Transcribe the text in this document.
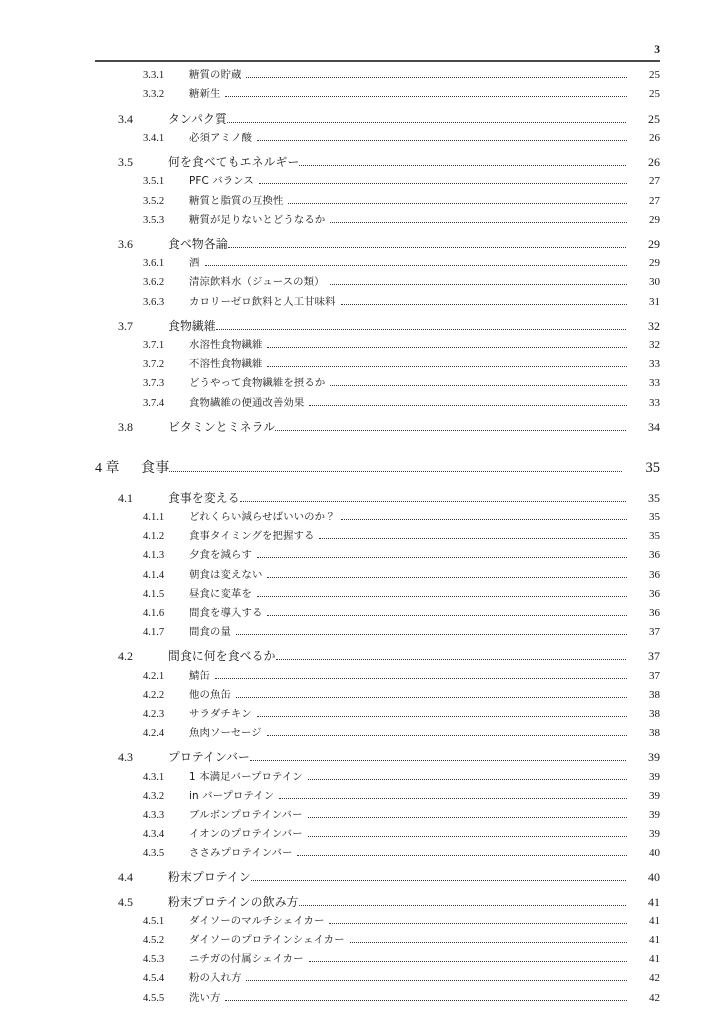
3
3.3.1	糖質の貯蔵	25
3.3.2	糖新生	25
3.4	タンパク質	25
3.4.1	必須アミノ酸	26
3.5	何を食べてもエネルギー	26
3.5.1	PFC バランス	27
3.5.2	糖質と脂質の互換性	27
3.5.3	糖質が足りないとどうなるか	29
3.6	食べ物各論	29
3.6.1	酒	29
3.6.2	清涼飲料水（ジュースの類）	30
3.6.3	カロリーゼロ飲料と人工甘味料	31
3.7	食物繊維	32
3.7.1	水溶性食物繊維	32
3.7.2	不溶性食物繊維	33
3.7.3	どうやって食物繊維を摂るか	33
3.7.4	食物繊維の便通改善効果	33
3.8	ビタミンとミネラル	34
4 章	食事	35
4.1	食事を変える	35
4.1.1	どれくらい減らせばいいのか？	35
4.1.2	食事タイミングを把握する	35
4.1.3	夕食を減らす	36
4.1.4	朝食は変えない	36
4.1.5	昼食に変革を	36
4.1.6	間食を導入する	36
4.1.7	間食の量	37
4.2	間食に何を食べるか	37
4.2.1	鯖缶	37
4.2.2	他の魚缶	38
4.2.3	サラダチキン	38
4.2.4	魚肉ソーセージ	38
4.3	プロテインバー	39
4.3.1	1 本満足バープロテイン	39
4.3.2	in バープロテイン	39
4.3.3	ブルボンプロテインバー	39
4.3.4	イオンのプロテインバー	39
4.3.5	ささみプロテインバー	40
4.4	粉末プロテイン	40
4.5	粉末プロテインの飲み方	41
4.5.1	ダイソーのマルチシェイカー	41
4.5.2	ダイソーのプロテインシェイカー	41
4.5.3	ニチガの付属シェイカー	41
4.5.4	粉の入れ方	42
4.5.5	洗い方	42
